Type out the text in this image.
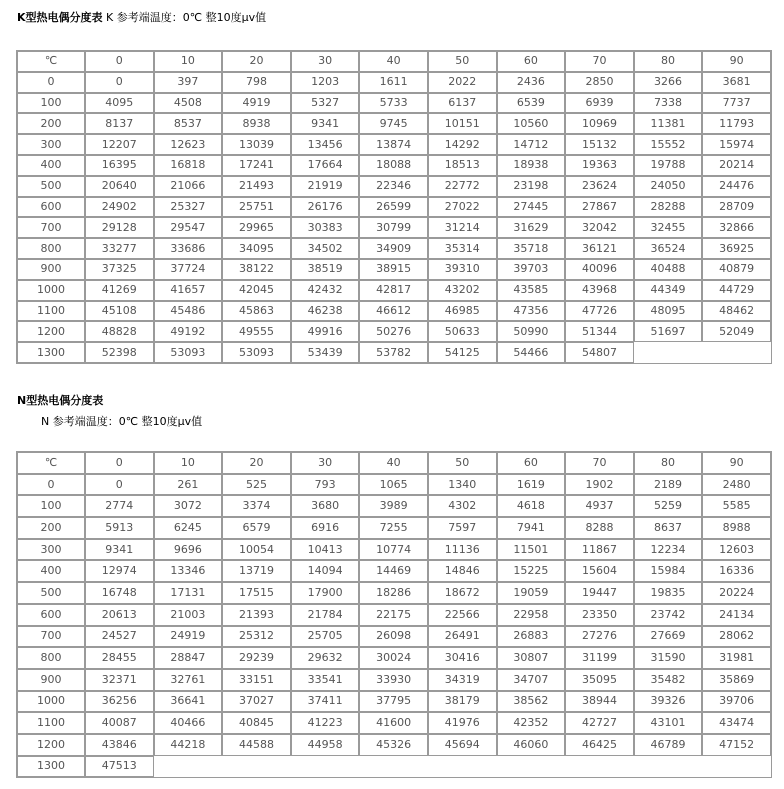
K型热电偶分度表 K 参考端温度：0℃ 整10度μv值
℃	0	10	20	30	40	50	60	70	80	90
0	0	397	798	1203	1611	2022	2436	2850	3266	3681
100	4095	4508	4919	5327	5733	6137	6539	6939	7338	7737
200	8137	8537	8938	9341	9745	10151	10560	10969	11381	11793
300	12207	12623	13039	13456	13874	14292	14712	15132	15552	15974
400	16395	16818	17241	17664	18088	18513	18938	19363	19788	20214
500	20640	21066	21493	21919	22346	22772	23198	23624	24050	24476
600	24902	25327	25751	26176	26599	27022	27445	27867	28288	28709
700	29128	29547	29965	30383	30799	31214	31629	32042	32455	32866
800	33277	33686	34095	34502	34909	35314	35718	36121	36524	36925
900	37325	37724	38122	38519	38915	39310	39703	40096	40488	40879
1000	41269	41657	42045	42432	42817	43202	43585	43968	44349	44729
1100	45108	45486	45863	46238	46612	46985	47356	47726	48095	48462
1200	48828	49192	49555	49916	50276	50633	50990	51344	51697	52049
1300	52398	53093	53093	53439	53782	54125	54466	54807		
N型热电偶分度表
N 参考端温度：0℃ 整10度μv值
℃	0	10	20	30	40	50	60	70	80	90
0	0	261	525	793	1065	1340	1619	1902	2189	2480
100	2774	3072	3374	3680	3989	4302	4618	4937	5259	5585
200	5913	6245	6579	6916	7255	7597	7941	8288	8637	8988
300	9341	9696	10054	10413	10774	11136	11501	11867	12234	12603
400	12974	13346	13719	14094	14469	14846	15225	15604	15984	16336
500	16748	17131	17515	17900	18286	18672	19059	19447	19835	20224
600	20613	21003	21393	21784	22175	22566	22958	23350	23742	24134
700	24527	24919	25312	25705	26098	26491	26883	27276	27669	28062
800	28455	28847	29239	29632	30024	30416	30807	31199	31590	31981
900	32371	32761	33151	33541	33930	34319	34707	35095	35482	35869
1000	36256	36641	37027	37411	37795	38179	38562	38944	39326	39706
1100	40087	40466	40845	41223	41600	41976	42352	42727	43101	43474
1200	43846	44218	44588	44958	45326	45694	46060	46425	46789	47152
1300	47513									
